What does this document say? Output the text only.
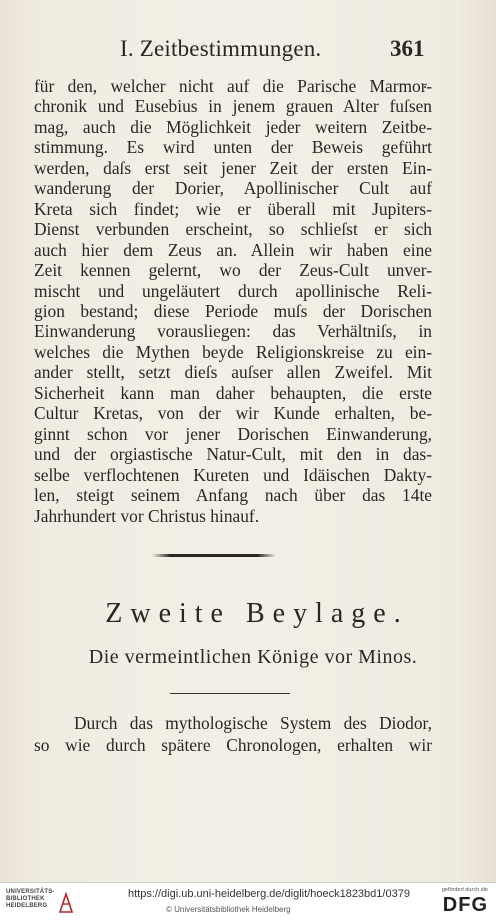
I. Zeitbestimmungen.	361
für den, welcher nicht auf die Parische Marmor-
chronik und Eusebius in jenem grauen Alter fuſsen
mag, auch die Möglichkeit jeder weitern Zeitbe-
stimmung. Es wird unten der Beweis geführt
werden, daſs erst seit jener Zeit der ersten Ein-
wanderung der Dorier, Apollinischer Cult auf
Kreta sich findet; wie er überall mit Jupiters-
Dienst verbunden erscheint, so schlieſst er sich
auch hier dem Zeus an. Allein wir haben eine
Zeit kennen gelernt, wo der Zeus-Cult unver-
mischt und ungeläutert durch apollinische Reli-
gion bestand; diese Periode muſs der Dorischen
Einwanderung vorausliegen: das Verhältniſs, in
welches die Mythen beyde Religionskreise zu ein-
ander stellt, setzt dieſs auſser allen Zweifel. Mit
Sicherheit kann man daher behaupten, die erste
Cultur Kretas, von der wir Kunde erhalten, be-
ginnt schon vor jener Dorischen Einwanderung,
und der orgiastische Natur-Cult, mit den in das-
selbe verflochtenen Kureten und Idäischen Dakty-
len, steigt seinem Anfang nach über das 14te
Jahrhundert vor Christus hinauf.
Zweite Beylage.
Die vermeintlichen Könige vor Minos.
Durch das mythologische System des Diodor,
so wie durch spätere Chronologen, erhalten wir
UNIVERSITÄTS-
BIBLIOTHEK
HEIDELBERG
https://digi.ub.uni-heidelberg.de/diglit/hoeck1823bd1/0379
© Universitätsbibliothek Heidelberg
gefördert durch die
DFG
